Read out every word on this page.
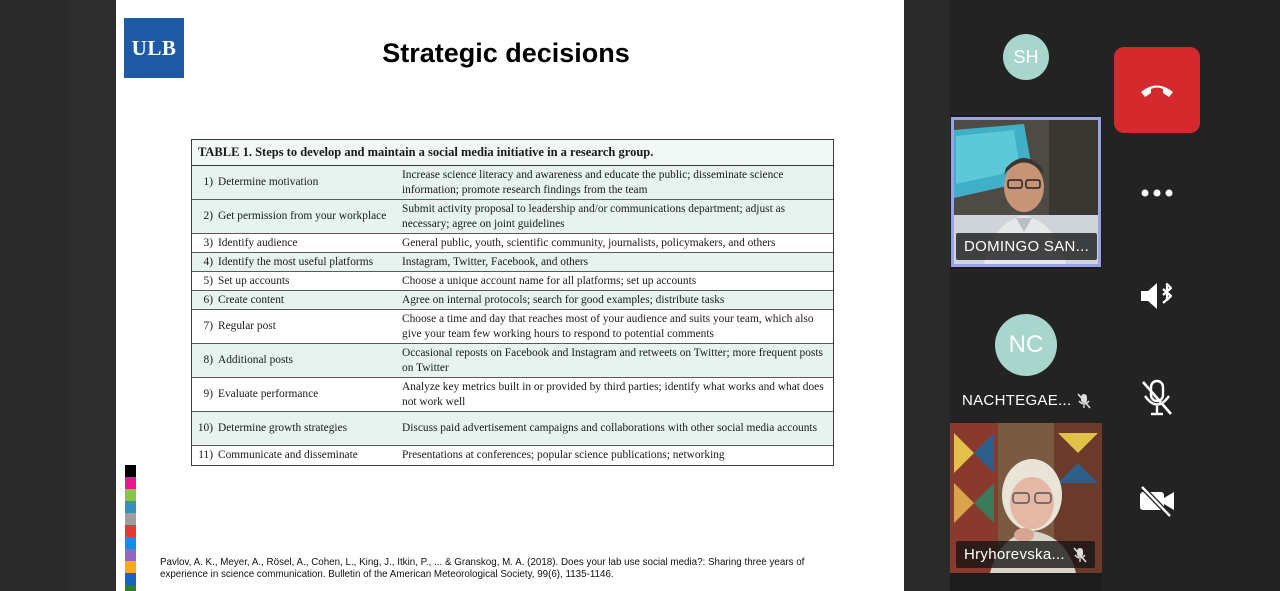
ULB	Strategic decisions
TABLE 1. Steps to develop and maintain a social media initiative in a research group.
1) Determine motivation
Increase science literacy and awareness and educate the public; disseminate science information; promote research findings from the team
2) Get permission from your workplace
Submit activity proposal to leadership and/or communications department; adjust as necessary; agree on joint guidelines
3) Identify audience	General public, youth, scientific community, journalists, policymakers, and others
4) Identify the most useful platforms	Instagram, Twitter, Facebook, and others
5) Set up accounts	Choose a unique account name for all platforms; set up accounts
6) Create content	Agree on internal protocols; search for good examples; distribute tasks
7) Regular post
Choose a time and day that reaches most of your audience and suits your team, which also give your team few working hours to respond to potential comments
8) Additional posts
Occasional reposts on Facebook and Instagram and retweets on Twitter; more frequent posts on Twitter
9) Evaluate performance
Analyze key metrics built in or provided by third parties; identify what works and what does not work well
10) Determine growth strategies	Discuss paid advertisement campaigns and collaborations with other social media accounts
11) Communicate and disseminate	Presentations at conferences; popular science publications; networking
Pavlov, A. K., Meyer, A., Rösel, A., Cohen, L., King, J., Itkin, P., ... & Granskog, M. A. (2018). Does your lab use social media?: Sharing three years of experience in science communication. Bulletin of the American Meteorological Society, 99(6), 1135-1146.
SH
DOMINGO SAN...
NC
NACHTEGAE...
Hryhorevska...
